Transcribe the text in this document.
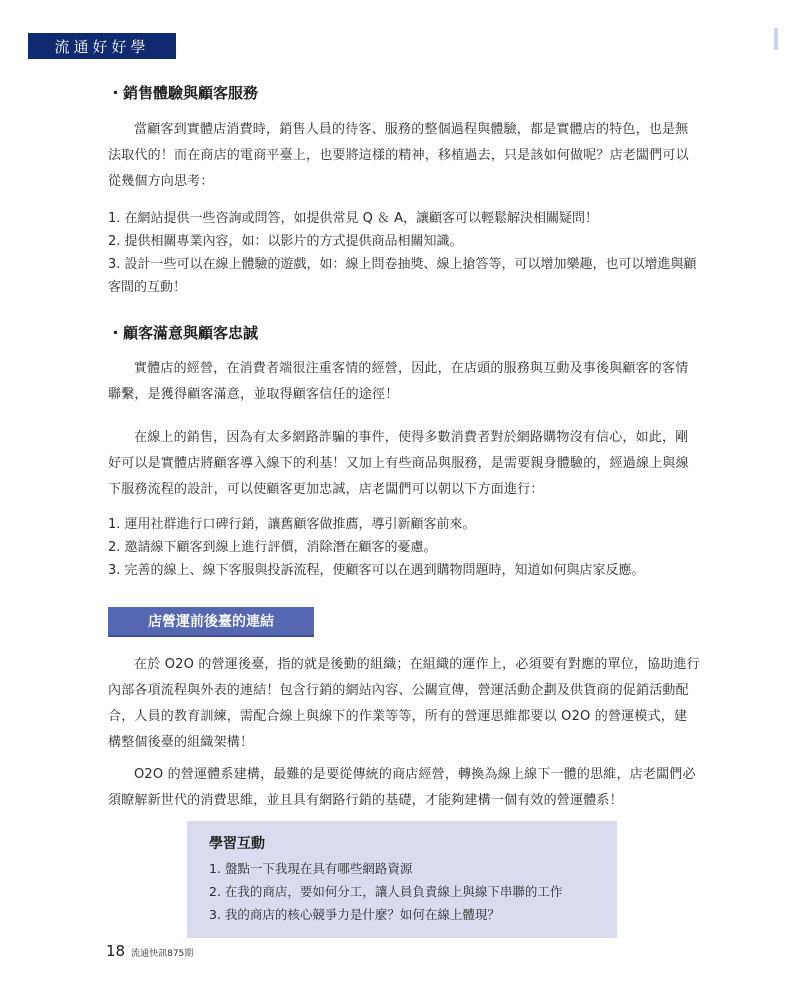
流通好好學
・銷售體驗與顧客服務

當顧客到實體店消費時，銷售人員的待客、服務的整個過程與體驗，都是實體店的特色，也是無法取代的！而在商店的電商平臺上，也要將這樣的精神，移植過去，只是該如何做呢？店老闆們可以從幾個方向思考：

1. 在網站提供一些咨詢或問答，如提供常見 Q ＆ A，讓顧客可以輕鬆解決相關疑問！
2. 提供相關專業內容，如：以影片的方式提供商品相關知識。
3. 設計一些可以在線上體驗的遊戲，如：線上問卷抽獎、線上搶答等，可以增加樂趣，也可以增進與顧客間的互動！
・顧客滿意與顧客忠誠

實體店的經營，在消費者端很注重客情的經營，因此，在店頭的服務與互動及事後與顧客的客情聯繫，是獲得顧客滿意，並取得顧客信任的途徑！

在線上的銷售，因為有太多網路詐騙的事件，使得多數消費者對於網路購物沒有信心，如此，剛好可以是實體店將顧客導入線下的利基！又加上有些商品與服務，是需要親身體驗的，經過線上與線下服務流程的設計，可以使顧客更加忠誠，店老闆們可以朝以下方面進行：

1. 運用社群進行口碑行銷，讓舊顧客做推薦，導引新顧客前來。
2. 邀請線下顧客到線上進行評價，消除潛在顧客的憂慮。
3. 完善的線上、線下客服與投訴流程，使顧客可以在遇到購物問題時，知道如何與店家反應。
店營運前後臺的連結

在於 O2O 的營運後臺，指的就是後勤的組織；在組織的運作上，必須要有對應的單位，協助進行內部各項流程與外表的連結！包含行銷的網站內容、公關宣傳，營運活動企劃及供貨商的促銷活動配合，人員的教育訓練，需配合線上與線下的作業等等，所有的營運思維都要以 O2O 的營運模式，建構整個後臺的組織架構！

O2O 的營運體系建構，最難的是要從傳統的商店經營，轉換為線上線下一體的思維，店老闆們必須瞭解新世代的消費思維，並且具有網路行銷的基礎，才能夠建構一個有效的營運體系！

學習互動
1. 盤點一下我現在具有哪些網路資源
2. 在我的商店，要如何分工，讓人員負責線上與線下串聯的工作
3. 我的商店的核心競爭力是什麼？如何在線上體現？
18 流通快訊875期
